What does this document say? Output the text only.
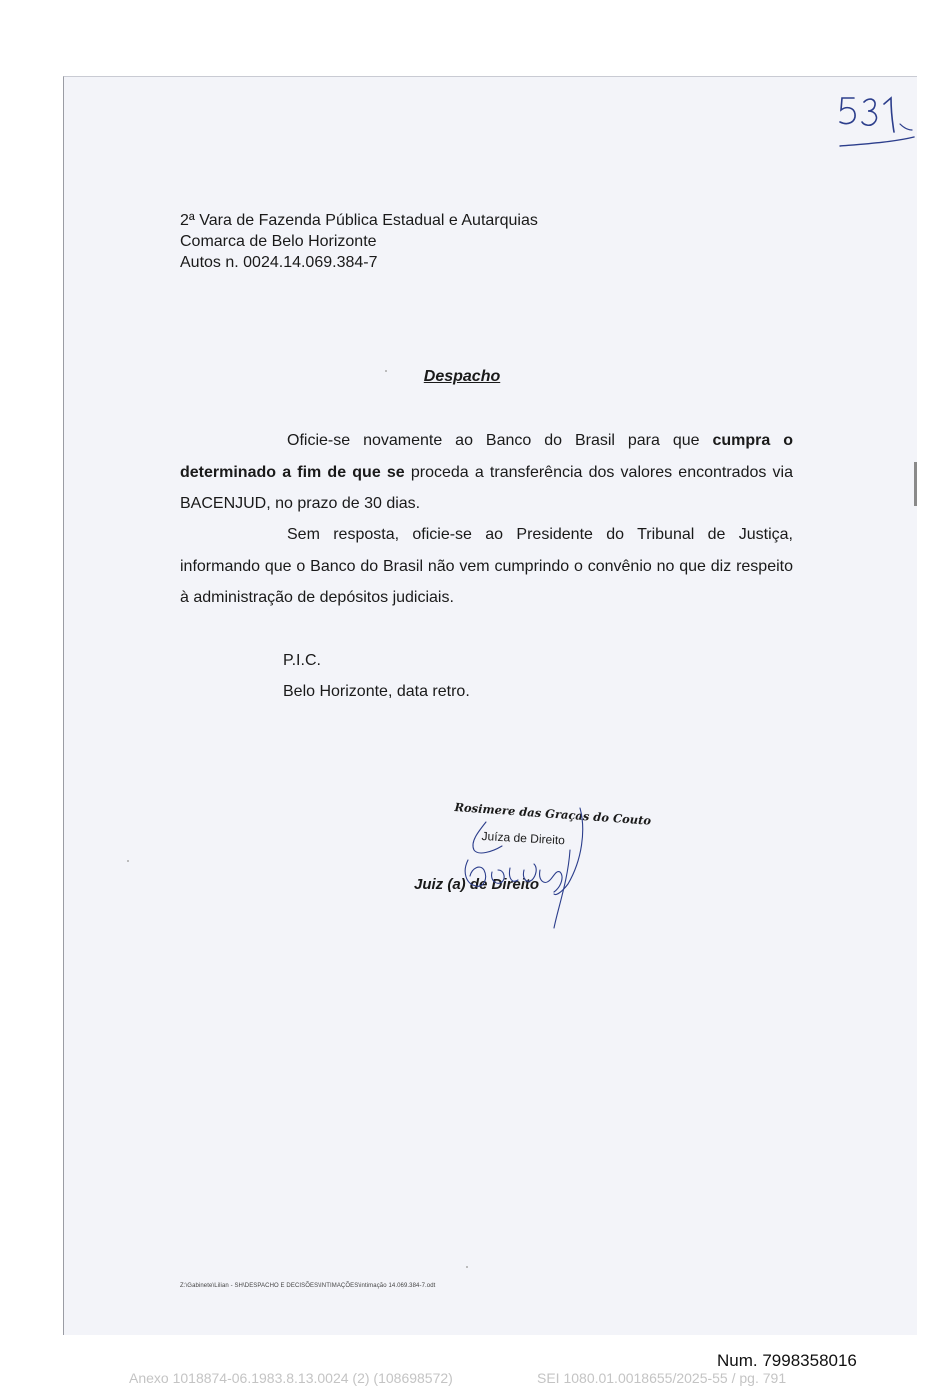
2ª Vara de Fazenda Pública Estadual e Autarquias
Comarca de Belo Horizonte
Autos n. 0024.14.069.384-7
Despacho
Oficie-se novamente ao Banco do Brasil para que cumpra o determinado a fim de que se proceda a transferência dos valores encontrados via BACENJUD, no prazo de 30 dias.
Sem resposta, oficie-se ao Presidente do Tribunal de Justiça, informando que o Banco do Brasil não vem cumprindo o convênio no que diz respeito à administração de depósitos judiciais.
P.I.C.
Belo Horizonte, data retro.
Rosimere das Graças do Couto
Juíza de Direito
Juiz (a) de Direito
Z:\Gabinete\Lilian - SH\DESPACHO E DECISÕES\INTIMAÇÕES\intimação 14.069.384-7.odt
Num. 7998358016
Anexo 1018874-06.1983.8.13.0024 (2) (108698572)	SEI 1080.01.0018655/2025-55 / pg. 791
